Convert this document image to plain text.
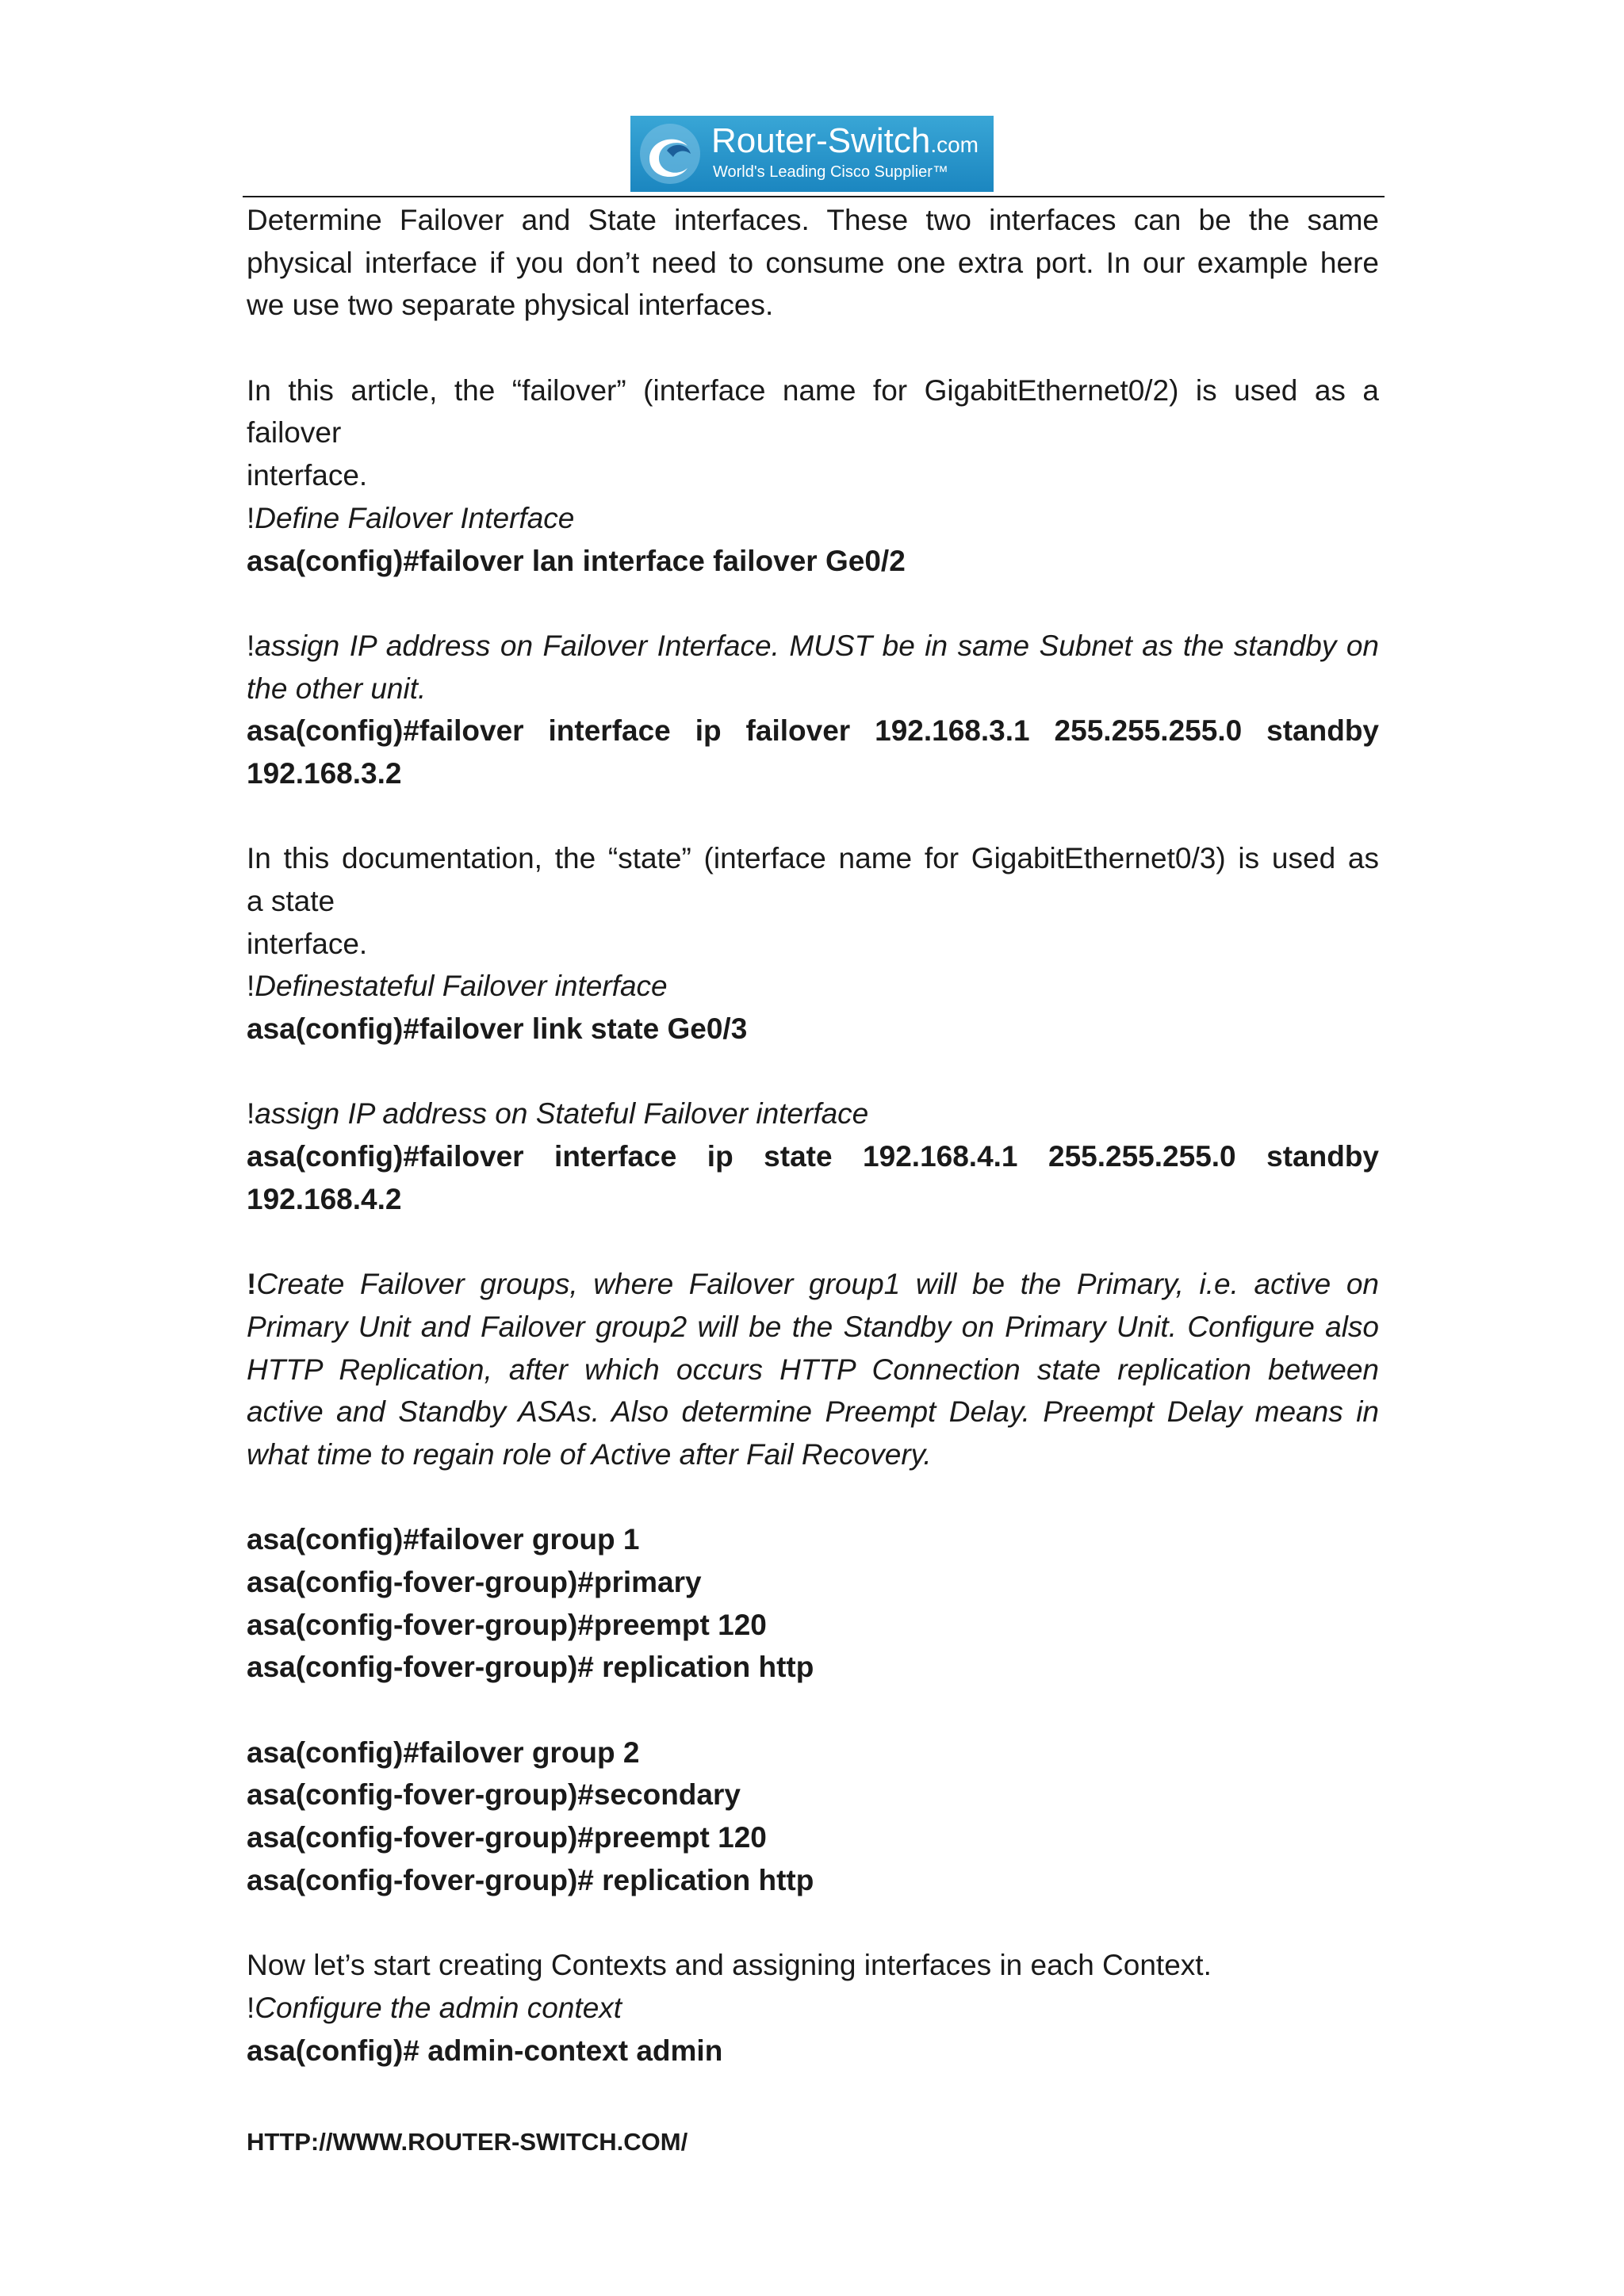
Router-Switch.com
World's Leading Cisco Supplier™
Determine Failover and State interfaces. These two interfaces can be the same
physical interface if you don’t need to consume one extra port. In our example here
we use two separate physical interfaces.
In this article, the “failover” (interface name for GigabitEthernet0/2) is used as a
failover
interface.
!Define Failover Interface
asa(config)#failover lan interface failover Ge0/2
!assign IP address on Failover Interface. MUST be in same Subnet as the standby on
the other unit.
asa(config)#failover interface ip failover 192.168.3.1 255.255.255.0 standby
192.168.3.2
In this documentation, the “state” (interface name for GigabitEthernet0/3) is used as
a state
interface.
!Definestateful Failover interface
asa(config)#failover link state Ge0/3
!assign IP address on Stateful Failover interface
asa(config)#failover interface ip state 192.168.4.1 255.255.255.0 standby
192.168.4.2
!Create Failover groups, where Failover group1 will be the Primary, i.e. active on
Primary Unit and Failover group2 will be the Standby on Primary Unit. Configure also
HTTP Replication, after which occurs HTTP Connection state replication between
active and Standby ASAs. Also determine Preempt Delay. Preempt Delay means in
what time to regain role of Active after Fail Recovery.
asa(config)#failover group 1
asa(config-fover-group)#primary
asa(config-fover-group)#preempt 120
asa(config-fover-group)# replication http
asa(config)#failover group 2
asa(config-fover-group)#secondary
asa(config-fover-group)#preempt 120
asa(config-fover-group)# replication http
Now let’s start creating Contexts and assigning interfaces in each Context.
!Configure the admin context
asa(config)# admin-context admin
HTTP://WWW.ROUTER-SWITCH.COM/
